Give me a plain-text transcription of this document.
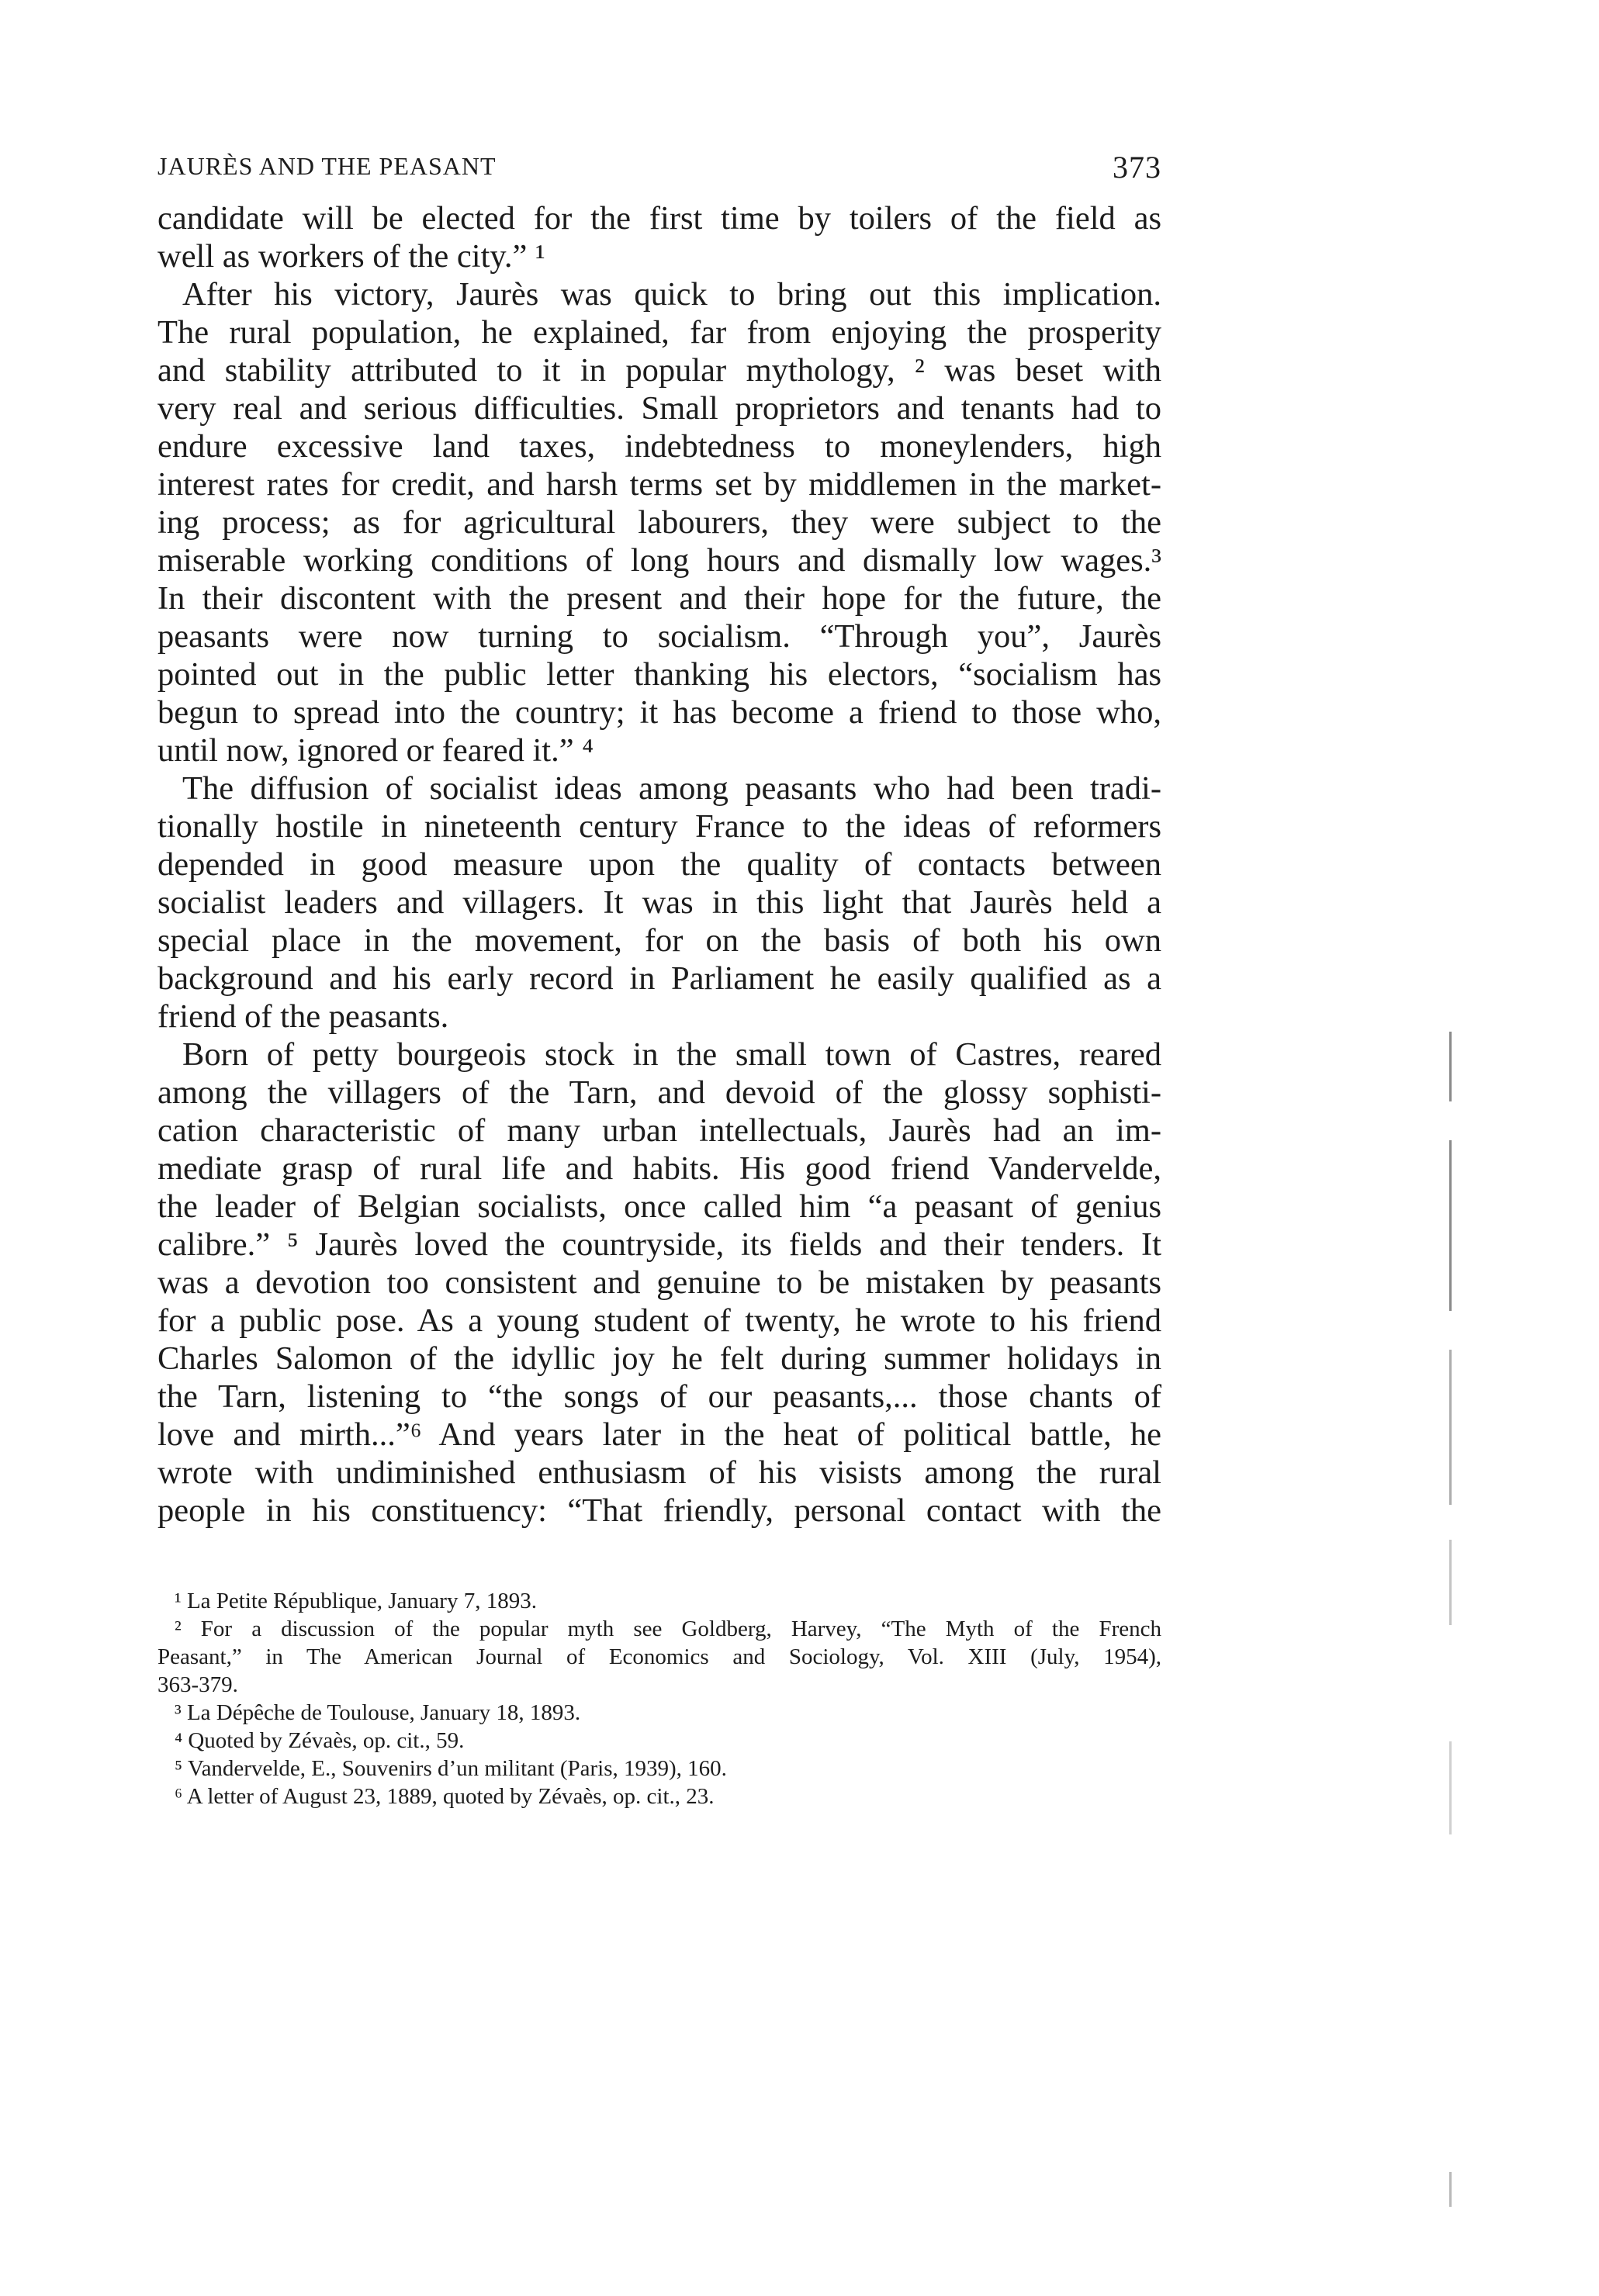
JAURÈS AND THE PEASANT	373
candidate will be elected for the first time by toilers of the field as
well as workers of the city.” ¹
After his victory, Jaurès was quick to bring out this implication.
The rural population, he explained, far from enjoying the prosperity
and stability attributed to it in popular mythology, ² was beset with
very real and serious difficulties. Small proprietors and tenants had to
endure excessive land taxes, indebtedness to moneylenders, high
interest rates for credit, and harsh terms set by middlemen in the market-
ing process; as for agricultural labourers, they were subject to the
miserable working conditions of long hours and dismally low wages.³
In their discontent with the present and their hope for the future, the
peasants were now turning to socialism. “Through you”, Jaurès
pointed out in the public letter thanking his electors, “socialism has
begun to spread into the country; it has become a friend to those who,
until now, ignored or feared it.” ⁴
The diffusion of socialist ideas among peasants who had been tradi-
tionally hostile in nineteenth century France to the ideas of reformers
depended in good measure upon the quality of contacts between
socialist leaders and villagers. It was in this light that Jaurès held a
special place in the movement, for on the basis of both his own
background and his early record in Parliament he easily qualified as a
friend of the peasants.
Born of petty bourgeois stock in the small town of Castres, reared
among the villagers of the Tarn, and devoid of the glossy sophisti-
cation characteristic of many urban intellectuals, Jaurès had an im-
mediate grasp of rural life and habits. His good friend Vandervelde,
the leader of Belgian socialists, once called him “a peasant of genius
calibre.” ⁵ Jaurès loved the countryside, its fields and their tenders. It
was a devotion too consistent and genuine to be mistaken by peasants
for a public pose. As a young student of twenty, he wrote to his friend
Charles Salomon of the idyllic joy he felt during summer holidays in
the Tarn, listening to “the songs of our peasants,... those chants of
love and mirth...”⁶ And years later in the heat of political battle, he
wrote with undiminished enthusiasm of his visists among the rural
people in his constituency: “That friendly, personal contact with the
¹ La Petite République, January 7, 1893.
² For a discussion of the popular myth see Goldberg, Harvey, “The Myth of the French
Peasant,” in The American Journal of Economics and Sociology, Vol. XIII (July, 1954),
363-379.
³ La Dépêche de Toulouse, January 18, 1893.
⁴ Quoted by Zévaès, op. cit., 59.
⁵ Vandervelde, E., Souvenirs d’un militant (Paris, 1939), 160.
⁶ A letter of August 23, 1889, quoted by Zévaès, op. cit., 23.
